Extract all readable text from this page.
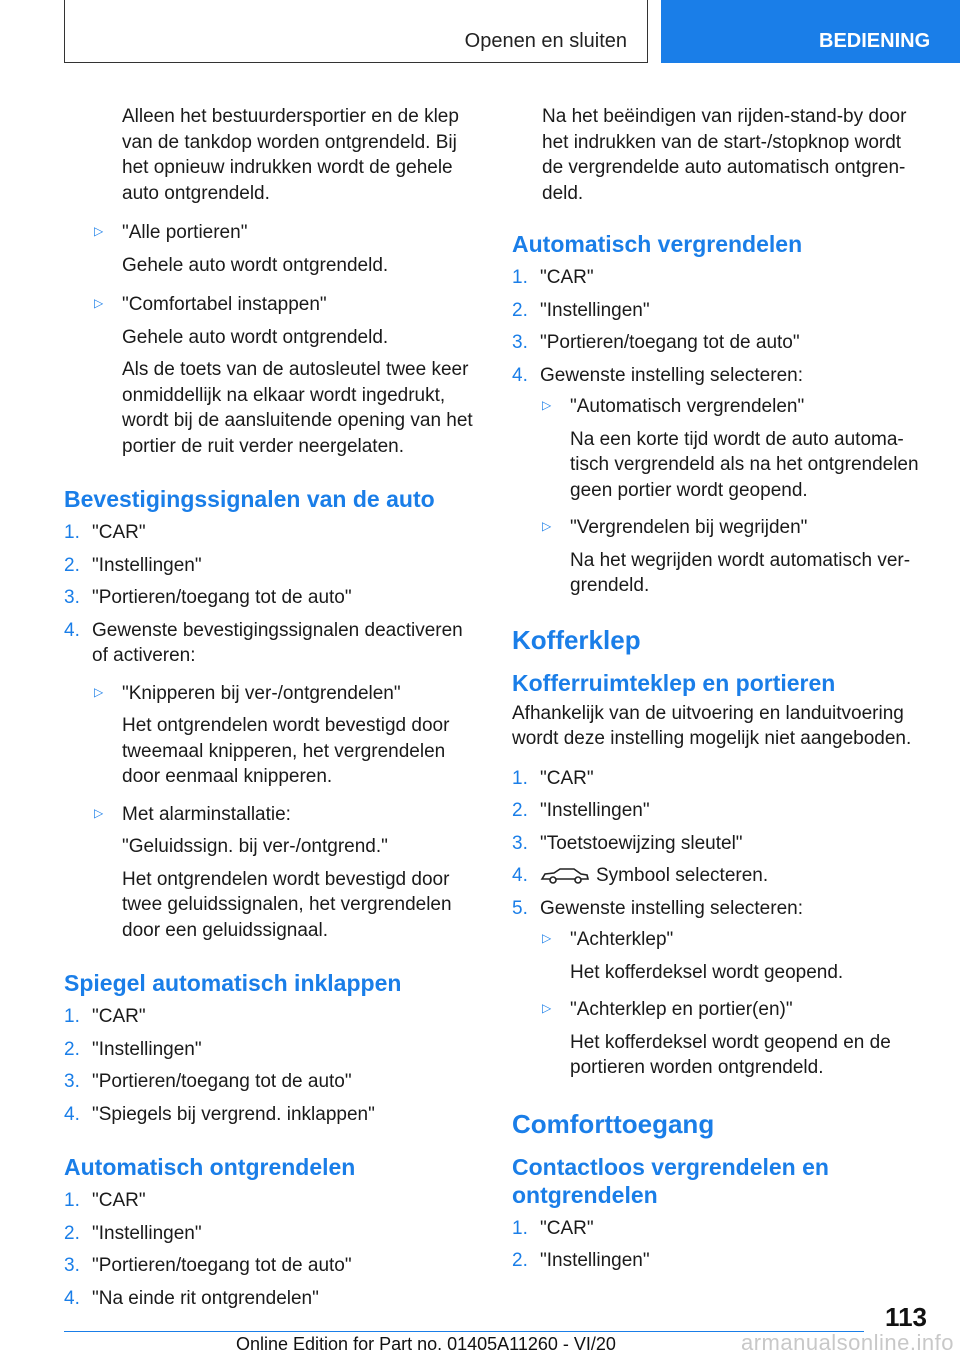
Openen en sluiten	BEDIENING

Alleen het bestuurdersportier en de klep

van de tankdop worden ontgrendeld. Bij

het opnieuw indrukken wordt de gehele

auto ontgrendeld.

▷ "Alle portieren"

Gehele auto wordt ontgrendeld.

▷ "Comfortabel instappen"

Gehele auto wordt ontgrendeld.

Als de toets van de autosleutel twee keer

onmiddellijk na elkaar wordt ingedrukt,

wordt bij de aansluitende opening van het

portier de ruit verder neergelaten.

Bevestigingssignalen van de auto
1. "CAR"

2. "Instellingen"

3. "Portieren/toegang tot de auto"

4. Gewenste bevestigingssignalen deactiveren

of activeren:

▷ "Knipperen bij ver-/ontgrendelen"

Het ontgrendelen wordt bevestigd door

tweemaal knipperen, het vergrendelen

door eenmaal knipperen.

▷ Met alarminstallatie:

"Geluidssign. bij ver-/ontgrend."

Het ontgrendelen wordt bevestigd door

twee geluidssignalen, het vergrendelen

door een geluidssignaal.

Spiegel automatisch inklappen
1. "CAR"

2. "Instellingen"

3. "Portieren/toegang tot de auto"

4. "Spiegels bij vergrend. inklappen"

Automatisch ontgrendelen
1. "CAR"

2. "Instellingen"

3. "Portieren/toegang tot de auto"

4. "Na einde rit ontgrendelen"

Na het beëindigen van rijden-stand-by door

het indrukken van de start-/stopknop wordt

de vergrendelde auto automatisch ontgren-

deld.

Automatisch vergrendelen
1. "CAR"

2. "Instellingen"

3. "Portieren/toegang tot de auto"

4. Gewenste instelling selecteren:

▷ "Automatisch vergrendelen"

Na een korte tijd wordt de auto automa-

tisch vergrendeld als na het ontgrendelen

geen portier wordt geopend.

▷ "Vergrendelen bij wegrijden"

Na het wegrijden wordt automatisch ver-

grendeld.

Kofferklep
Kofferruimteklep en portieren

Afhankelijk van de uitvoering en landuitvoering

wordt deze instelling mogelijk niet aangeboden.

1. "CAR"

2. "Instellingen"

3. "Toetstoewijzing sleutel"

4.	Symbool selecteren.

5. Gewenste instelling selecteren:

▷ "Achterklep"

Het kofferdeksel wordt geopend.

▷ "Achterklep en portier(en)"

Het kofferdeksel wordt geopend en de

portieren worden ontgrendeld.

Comforttoegang
Contactloos vergrendelen en
ontgrendelen
1. "CAR"

2. "Instellingen"

113
Online Edition for Part no. 01405A11260 - VI/20	armanualsonline.info
